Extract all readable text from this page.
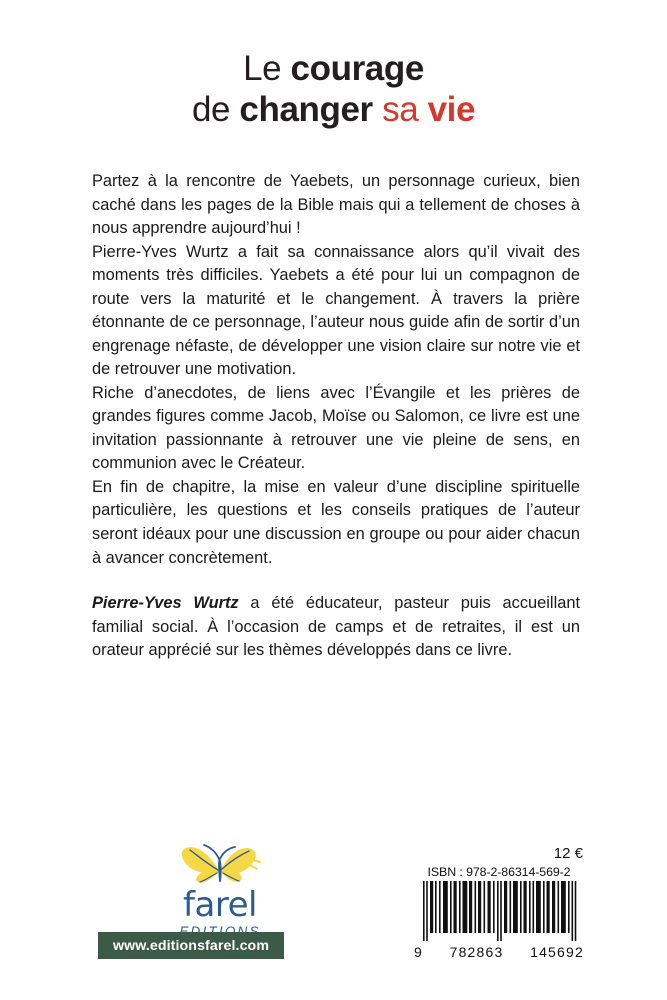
Le courage
de changer sa vie

Partez à la rencontre de Yaebets, un personnage curieux, bien caché dans les pages de la Bible mais qui a tellement de choses à nous apprendre aujourd’hui !

Pierre-Yves Wurtz a fait sa connaissance alors qu’il vivait des moments très difficiles. Yaebets a été pour lui un compagnon de route vers la maturité et le changement. À travers la prière étonnante de ce personnage, l’auteur nous guide afin de sortir d’un engrenage néfaste, de développer une vision claire sur notre vie et de retrouver une motivation.

Riche d’anecdotes, de liens avec l’Évangile et les prières de grandes figures comme Jacob, Moïse ou Salomon, ce livre est une invitation passionnante à retrouver une vie pleine de sens, en communion avec le Créateur.

En fin de chapitre, la mise en valeur d’une discipline spirituelle particulière, les questions et les conseils pratiques de l’auteur seront idéaux pour une discussion en groupe ou pour aider chacun à avancer concrètement.

Pierre-Yves Wurtz a été éducateur, pasteur puis accueillant familial social. À l’occasion de camps et de retraites, il est un orateur apprécié sur les thèmes développés dans ce livre.

farel
www.editionsfarel.com
12 €
ISBN : 978-2-86314-569-2
9 782863 145692
